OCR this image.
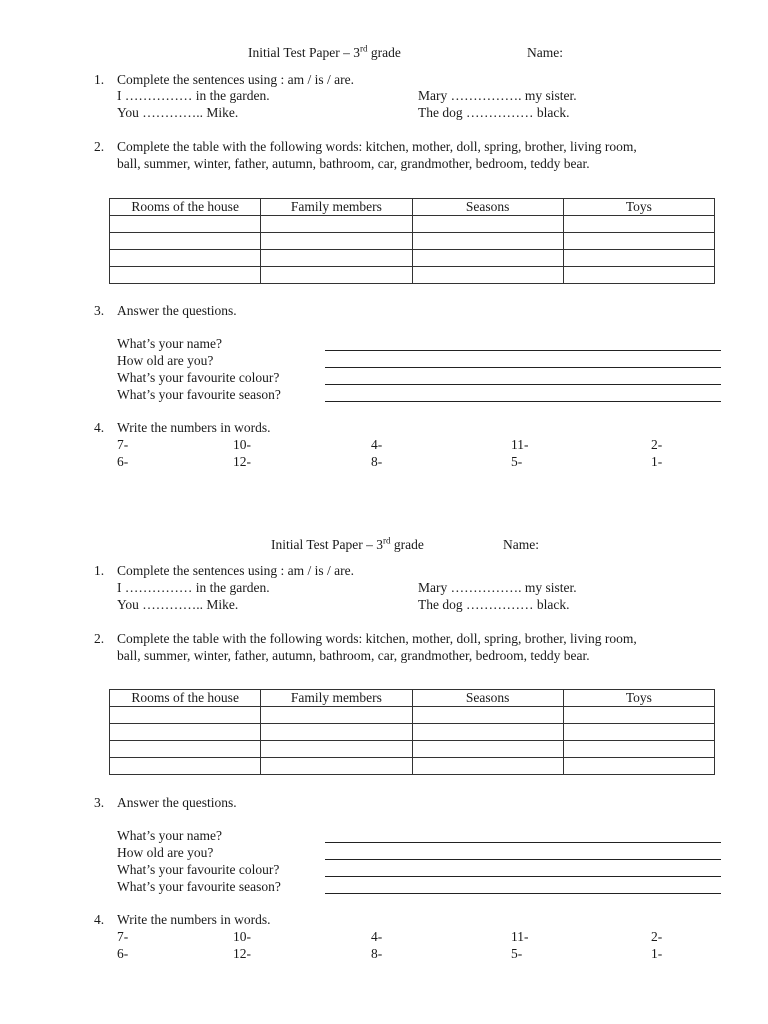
Initial Test Paper – 3rd grade	Name:
1. Complete the sentences using : am / is / are.
I …………… in the garden.	Mary ……………. my sister.
You ………….. Mike.	The dog …………… black.
2. Complete the table with the following words: kitchen, mother, doll, spring, brother, living room,
ball, summer, winter, father, autumn, bathroom, car, grandmother, bedroom, teddy bear.
Rooms of the house	Family members	Seasons	Toys

3. Answer the questions.
What’s your name?
How old are you?
What’s your favourite colour?
What’s your favourite season?
4. Write the numbers in words.
7-	10-	4-	11-	2-
6-	12-	8-	5-	1-
Initial Test Paper – 3rd grade	Name:
1. Complete the sentences using : am / is / are.
I …………… in the garden.	Mary ……………. my sister.
You ………….. Mike.	The dog …………… black.
2. Complete the table with the following words: kitchen, mother, doll, spring, brother, living room,
ball, summer, winter, father, autumn, bathroom, car, grandmother, bedroom, teddy bear.
Rooms of the house	Family members	Seasons	Toys

3. Answer the questions.
What’s your name?
How old are you?
What’s your favourite colour?
What’s your favourite season?
4. Write the numbers in words.
7-	10-	4-	11-	2-
6-	12-	8-	5-	1-
